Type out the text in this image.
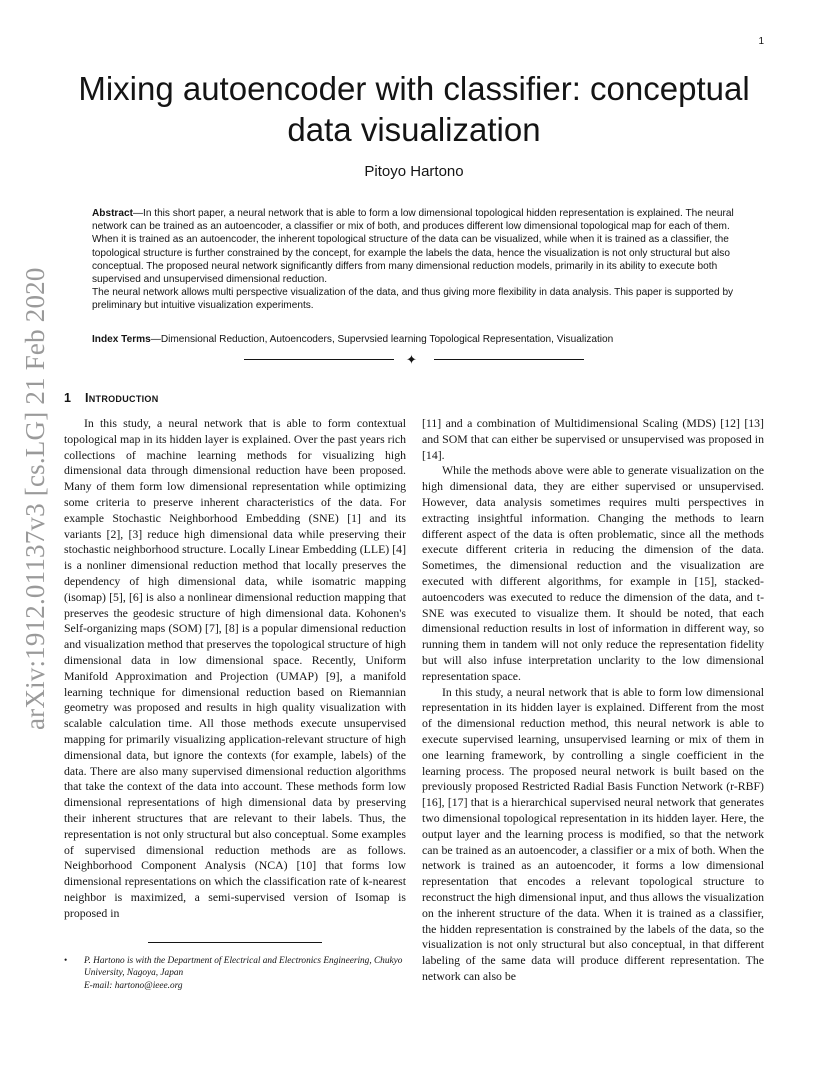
1
arXiv:1912.01137v3 [cs.LG] 21 Feb 2020
Mixing autoencoder with classifier: conceptual data visualization
Pitoyo Hartono
Abstract—In this short paper, a neural network that is able to form a low dimensional topological hidden representation is explained. The neural network can be trained as an autoencoder, a classifier or mix of both, and produces different low dimensional topological map for each of them. When it is trained as an autoencoder, the inherent topological structure of the data can be visualized, while when it is trained as a classifier, the topological structure is further constrained by the concept, for example the labels the data, hence the visualization is not only structural but also conceptual. The proposed neural network significantly differs from many dimensional reduction models, primarily in its ability to execute both supervised and unsupervised dimensional reduction.
The neural network allows multi perspective visualization of the data, and thus giving more flexibility in data analysis. This paper is supported by preliminary but intuitive visualization experiments.
Index Terms—Dimensional Reduction, Autoencoders, Supervsied learning Topological Representation, Visualization
✦
1 Introduction

In this study, a neural network that is able to form contextual topological map in its hidden layer is explained. Over the past years rich collections of machine learning methods for visualizing high dimensional data through dimensional reduction have been proposed. Many of them form low dimensional representation while optimizing some criteria to preserve inherent characteristics of the data. For example Stochastic Neighborhood Embedding (SNE) [1] and its variants [2], [3] reduce high dimensional data while preserving their stochastic neighborhood structure. Locally Linear Embedding (LLE) [4] is a nonliner dimensional reduction method that locally preserves the dependency of high dimensional data, while isomatric mapping (isomap) [5], [6] is also a nonlinear dimensional reduction mapping that preserves the geodesic structure of high dimensional data. Kohonen's Self-organizing maps (SOM) [7], [8] is a popular dimensional reduction and visualization method that preserves the topological structure of high dimensional data in low dimensional space. Recently, Uniform Manifold Approximation and Projection (UMAP) [9], a manifold learning technique for dimensional reduction based on Riemannian geometry was proposed and results in high quality visualization with scalable calculation time. All those methods execute unsupervised mapping for primarily visualizing application-relevant structure of high dimensional data, but ignore the contexts (for example, labels) of the data. There are also many supervised dimensional reduction algorithms that take the context of the data into account. These methods form low dimensional representations of high dimensional data by preserving their inherent structures that are relevant to their labels. Thus, the representation is not only structural but also conceptual. Some examples of supervised dimensional reduction methods are as follows. Neighborhood Component Analysis (NCA) [10] that forms low dimensional representations on which the classification rate of k-nearest neighbor is maximized, a semi-supervised version of Isomap is proposed in

[11] and a combination of Multidimensional Scaling (MDS) [12] [13] and SOM that can either be supervised or unsupervised was proposed in [14].

While the methods above were able to generate visualization on the high dimensional data, they are either supervised or unsupervised. However, data analysis sometimes requires multi perspectives in extracting insightful information. Changing the methods to learn different aspect of the data is often problematic, since all the methods execute different criteria in reducing the dimension of the data. Sometimes, the dimensional reduction and the visualization are executed with different algorithms, for example in [15], stacked-autoencoders was executed to reduce the dimension of the data, and t-SNE was executed to visualize them. It should be noted, that each dimensional reduction results in lost of information in different way, so running them in tandem will not only reduce the representation fidelity but will also infuse interpretation unclarity to the low dimensional representation space.

In this study, a neural network that is able to form low dimensional representation in its hidden layer is explained. Different from the most of the dimensional reduction method, this neural network is able to execute supervised learning, unsupervised learning or mix of them in one learning framework, by controlling a single coefficient in the learning process. The proposed neural network is built based on the previously proposed Restricted Radial Basis Function Network (r-RBF) [16], [17] that is a hierarchical supervised neural network that generates two dimensional topological representation in its hidden layer. Here, the output layer and the learning process is modified, so that the network can be trained as an autoencoder, a classifier or a mix of both. When the network is trained as an autoencoder, it forms a low dimensional representation that encodes a relevant topological structure to reconstruct the high dimensional input, and thus allows the visualization on the inherent structure of the data. When it is trained as a classifier, the hidden representation is constrained by the labels of the data, so the visualization is not only structural but also conceptual, in that different labeling of the same data will produce different representation. The network can also be

•	P. Hartono is with the Department of Electrical and Electronics Engineering, Chukyo University, Nagoya, Japan
E-mail: hartono@ieee.org
